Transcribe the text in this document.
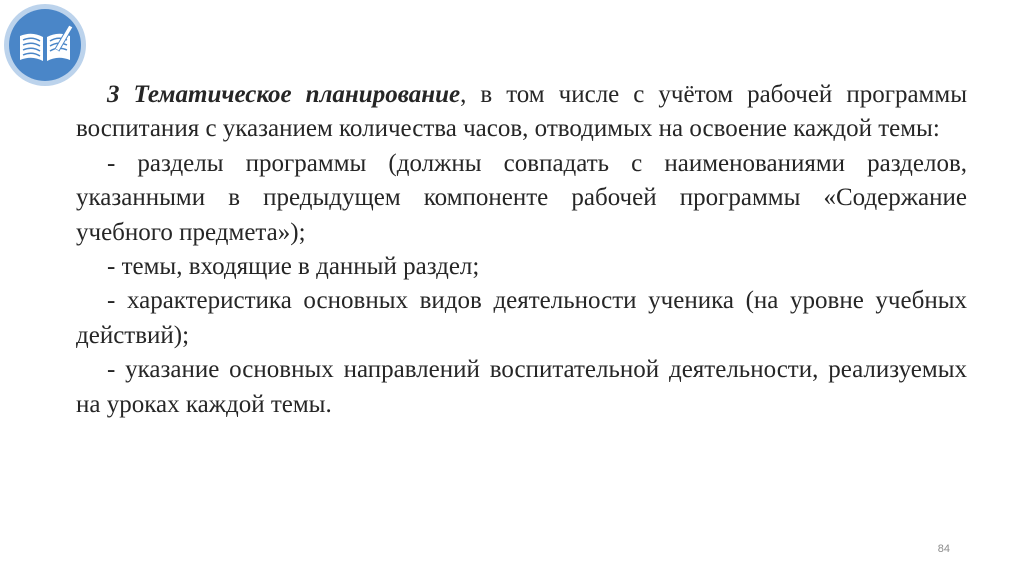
3 Тематическое планирование, в том числе с учётом рабочей программы воспитания с указанием количества часов, отводимых на освоение каждой темы:

- разделы программы (должны совпадать с наименованиями разделов, указанными в предыдущем компоненте рабочей программы «Содержание учебного предмета»);

- темы, входящие в данный раздел;

- характеристика основных видов деятельности ученика (на уровне учебных действий);

- указание основных направлений воспитательной деятельности, реализуемых на уроках каждой темы.

84
